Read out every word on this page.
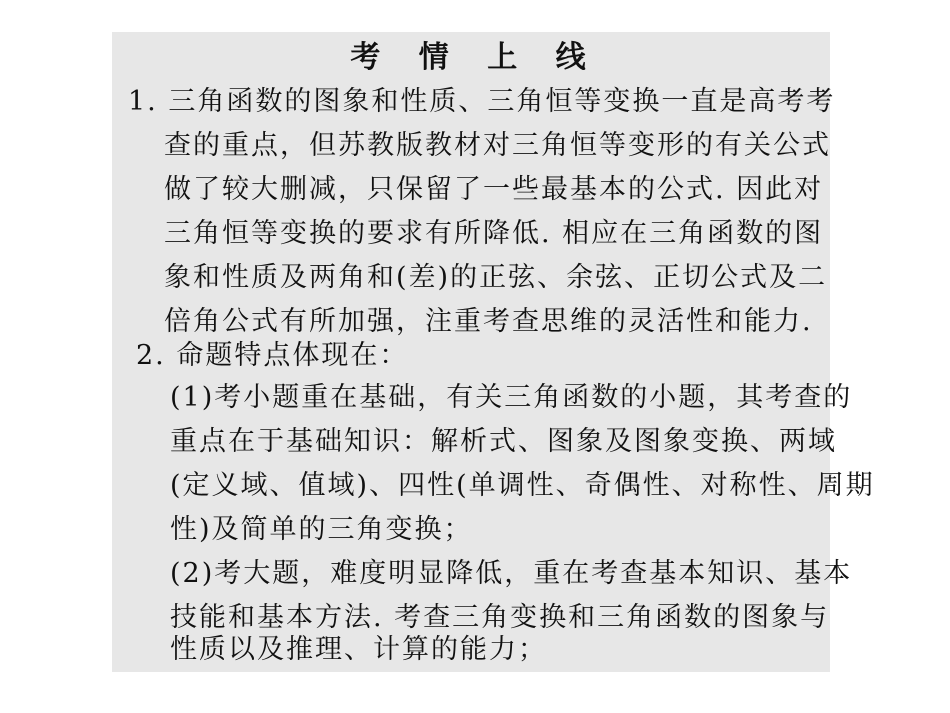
考 情 上 线
1. 三角函数的图象和性质、三角恒等变换一直是高考考
查的重点，但苏教版教材对三角恒等变形的有关公式
做了较大删减，只保留了一些最基本的公式. 因此对
三角恒等变换的要求有所降低. 相应在三角函数的图
象和性质及两角和(差)的正弦、余弦、正切公式及二
倍角公式有所加强，注重考查思维的灵活性和能力.
2. 命题特点体现在：
(1)考小题重在基础，有关三角函数的小题，其考查的
重点在于基础知识：解析式、图象及图象变换、两域
(定义域、值域)、四性(单调性、奇偶性、对称性、周期
性)及简单的三角变换；
(2)考大题，难度明显降低，重在考查基本知识、基本
技能和基本方法. 考查三角变换和三角函数的图象与
性质以及推理、计算的能力；
